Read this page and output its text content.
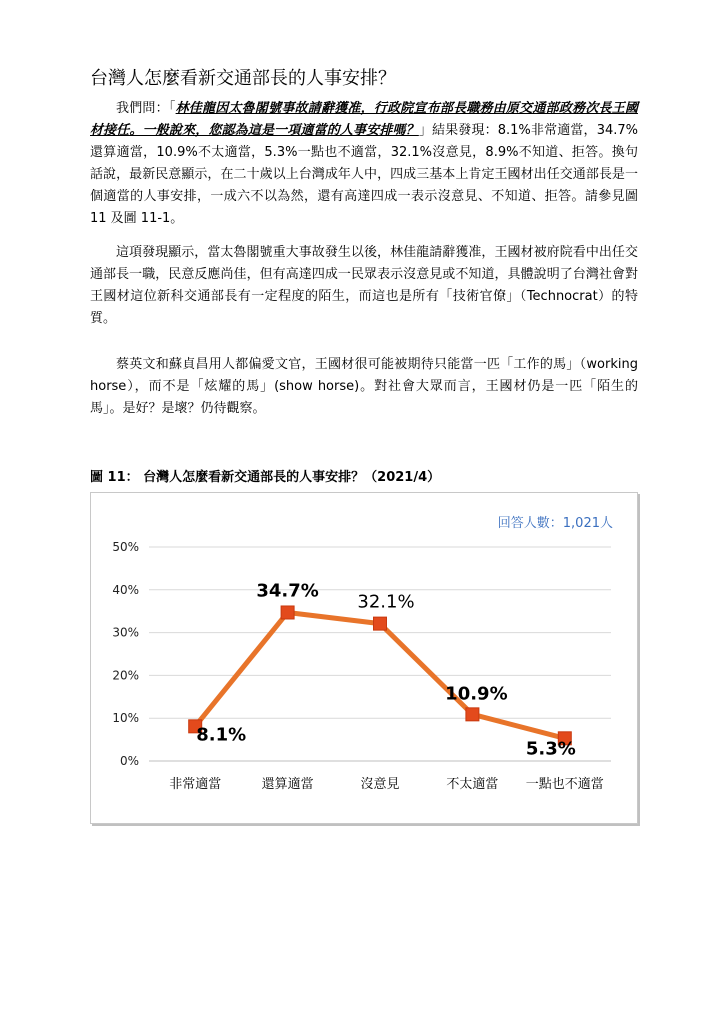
台灣人怎麼看新交通部長的人事安排？
我們問：「林佳龍因太魯閣號事故請辭獲准，行政院宣布部長職務由原交通部政務次長王國材接任。一般說來，您認為這是一項適當的人事安排嗎？」結果發現：8.1%非常適當，34.7%還算適當，10.9%不太適當，5.3%一點也不適當，32.1%沒意見，8.9%不知道、拒答。換句話說，最新民意顯示，在二十歲以上台灣成年人中，四成三基本上肯定王國材出任交通部長是一個適當的人事安排，一成六不以為然，還有高達四成一表示沒意見、不知道、拒答。請參見圖 11 及圖 11-1。
這項發現顯示，當太魯閣號重大事故發生以後，林佳龍請辭獲准，王國材被府院看中出任交通部長一職，民意反應尚佳，但有高達四成一民眾表示沒意見或不知道，具體說明了台灣社會對王國材這位新科交通部長有一定程度的陌生，而這也是所有「技術官僚」（Technocrat）的特質。
蔡英文和蘇貞昌用人都偏愛文官，王國材很可能被期待只能當一匹「工作的馬」（working horse），而不是「炫耀的馬」(show horse)。對社會大眾而言，王國材仍是一匹「陌生的馬」。是好？是壞？仍待觀察。
圖 11： 台灣人怎麼看新交通部長的人事安排？（2021/4）
回答人數：1,021人
0%
10%
20%
30%
40%
50%
8.1%
34.7%
32.1%
10.9%
5.3%
非常適當	還算適當	沒意見	不太適當 一點也不適當
